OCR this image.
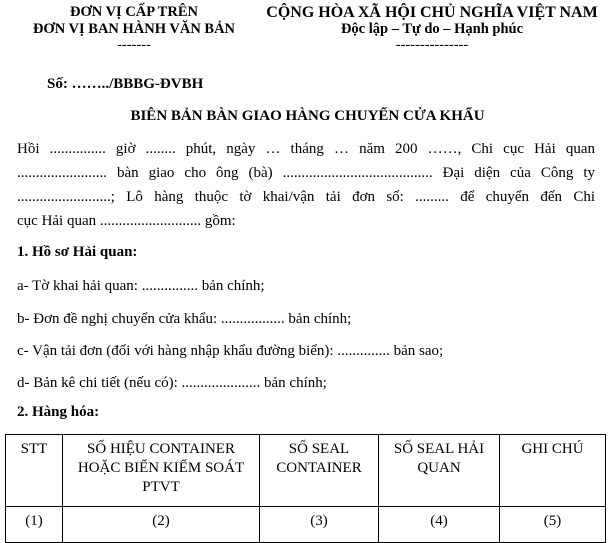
ĐƠN VỊ CẤP TRÊN
ĐƠN VỊ BAN HÀNH VĂN BẢN
-------
CỘNG HÒA XÃ HỘI CHỦ NGHĨA VIỆT NAM
Độc lập – Tự do – Hạnh phúc
---------------
Số: ……../BBBG-ĐVBH
BIÊN BẢN BÀN GIAO HÀNG CHUYỂN CỬA KHẨU
Hồi ............... giờ ........ phút, ngày … tháng … năm 200 ……, Chi cục Hải quan
........................ bàn giao cho ông (bà) ........................................ Đại diện của Công ty
.........................; Lô hàng thuộc tờ khai/vận tải đơn số: ......... để chuyển đến Chi
cục Hải quan ........................... gồm:
1. Hồ sơ Hải quan:
a- Tờ khai hải quan: ............... bản chính;
b- Đơn đề nghị chuyển cửa khẩu: ................. bản chính;
c- Vận tải đơn (đối với hàng nhập khẩu đường biển): .............. bản sao;
d- Bản kê chi tiết (nếu có): ..................... bản chính;
2. Hàng hóa:
STT	SỐ HIỆU CONTAINER HOẶC BIỂN KIỂM SOÁT PTVT	SỐ SEAL CONTAINER	SỐ SEAL HẢI QUAN	GHI CHÚ
(1)	(2)	(3)	(4)	(5)
